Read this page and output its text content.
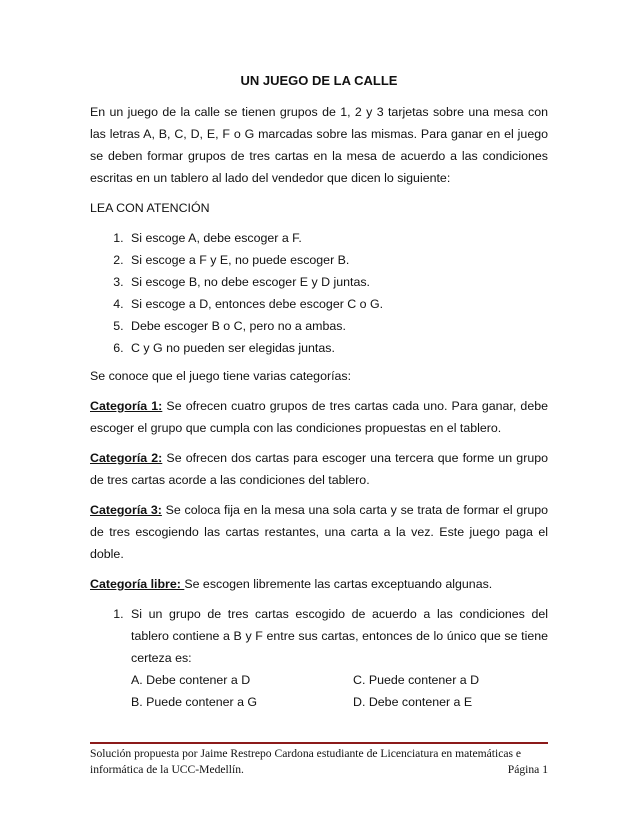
UN JUEGO DE LA CALLE

En un juego de la calle se tienen grupos de 1, 2 y 3 tarjetas sobre una mesa con las letras A, B, C, D, E, F o G marcadas sobre las mismas. Para ganar en el juego se deben formar grupos de tres cartas en la mesa de acuerdo a las condiciones escritas en un tablero al lado del vendedor que dicen lo siguiente:

LEA CON ATENCIÓN

1. Si escoge A, debe escoger a F.
2. Si escoge a F y E, no puede escoger B.
3. Si escoge B, no debe escoger E y D juntas.
4. Si escoge a D, entonces debe escoger C o G.
5. Debe escoger B o C, pero no a ambas.
6. C y G no pueden ser elegidas juntas.

Se conoce que el juego tiene varias categorías:

Categoría 1: Se ofrecen cuatro grupos de tres cartas cada uno. Para ganar, debe escoger el grupo que cumpla con las condiciones propuestas en el tablero.

Categoría 2: Se ofrecen dos cartas para escoger una tercera que forme un grupo de tres cartas acorde a las condiciones del tablero.

Categoría 3: Se coloca fija en la mesa una sola carta y se trata de formar el grupo de tres escogiendo las cartas restantes, una carta a la vez. Este juego paga el doble.

Categoría libre: Se escogen libremente las cartas exceptuando algunas.

1. Si un grupo de tres cartas escogido de acuerdo a las condiciones del tablero contiene a B y F entre sus cartas, entonces de lo único que se tiene certeza es:
A. Debe contener a D	C. Puede contener a D
B. Puede contener a G	D. Debe contener a E
Solución propuesta por Jaime Restrepo Cardona estudiante de Licenciatura en matemáticas e
informática de la UCC-Medellín.	Página 1
